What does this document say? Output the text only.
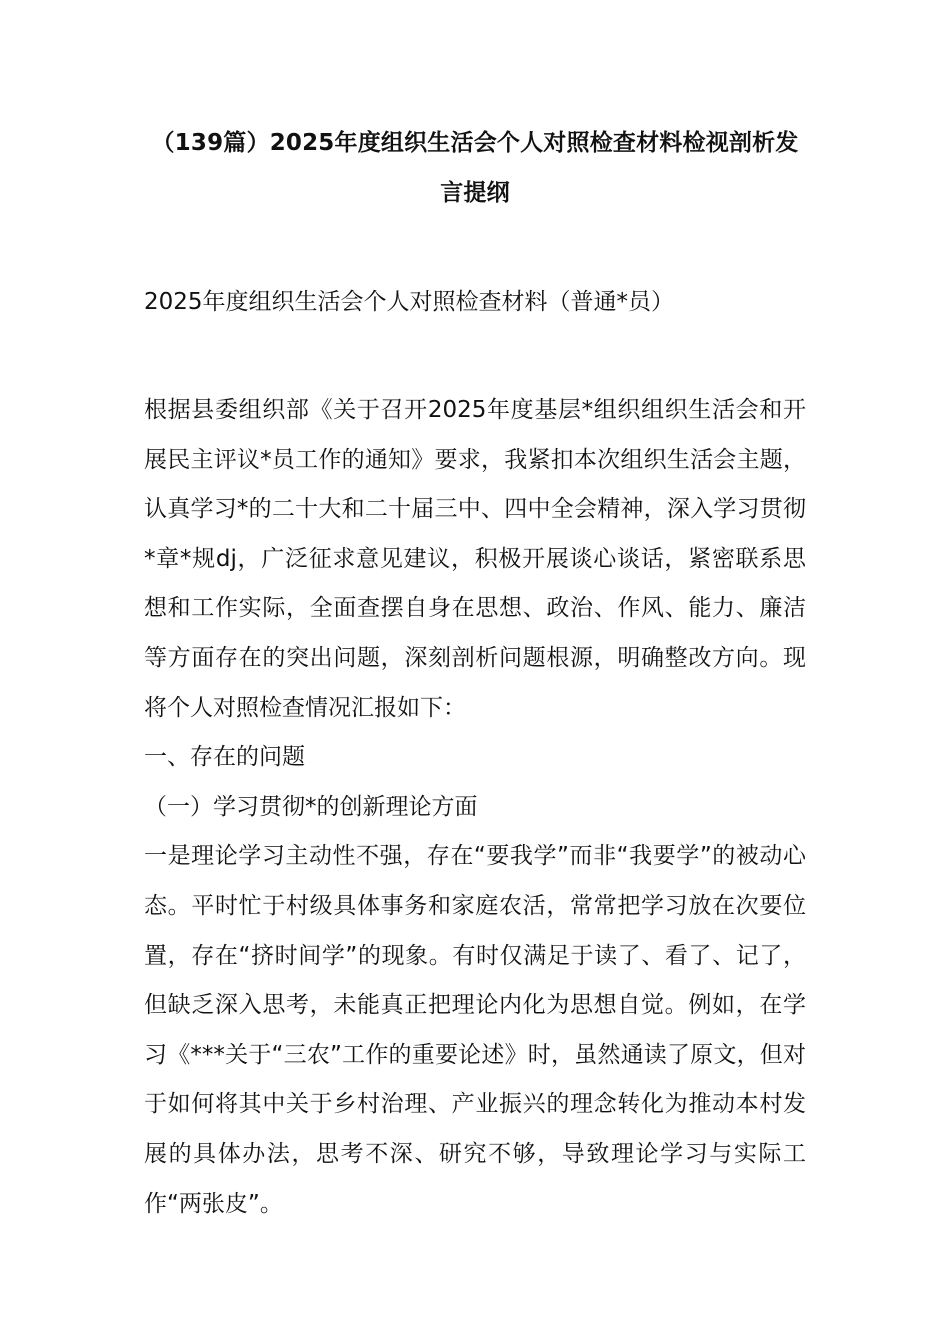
（139篇）2025年度组织生活会个人对照检查材料检视剖析发言提纲

2025年度组织生活会个人对照检查材料（普通*员）

根据县委组织部《关于召开2025年度基层*组织组织生活会和开展民主评议*员工作的通知》要求，我紧扣本次组织生活会主题，认真学习*的二十大和二十届三中、四中全会精神，深入学习贯彻*章*规dj，广泛征求意见建议，积极开展谈心谈话，紧密联系思想和工作实际，全面查摆自身在思想、政治、作风、能力、廉洁等方面存在的突出问题，深刻剖析问题根源，明确整改方向。现将个人对照检查情况汇报如下：

一、存在的问题

（一）学习贯彻*的创新理论方面

一是理论学习主动性不强，存在“要我学”而非“我要学”的被动心态。平时忙于村级具体事务和家庭农活，常常把学习放在次要位置，存在“挤时间学”的现象。有时仅满足于读了、看了、记了，但缺乏深入思考，未能真正把理论内化为思想自觉。例如，在学习《***关于“三农”工作的重要论述》时，虽然通读了原文，但对于如何将其中关于乡村治理、产业振兴的理念转化为推动本村发展的具体办法，思考不深、研究不够，导致理论学习与实际工作“两张皮”。
